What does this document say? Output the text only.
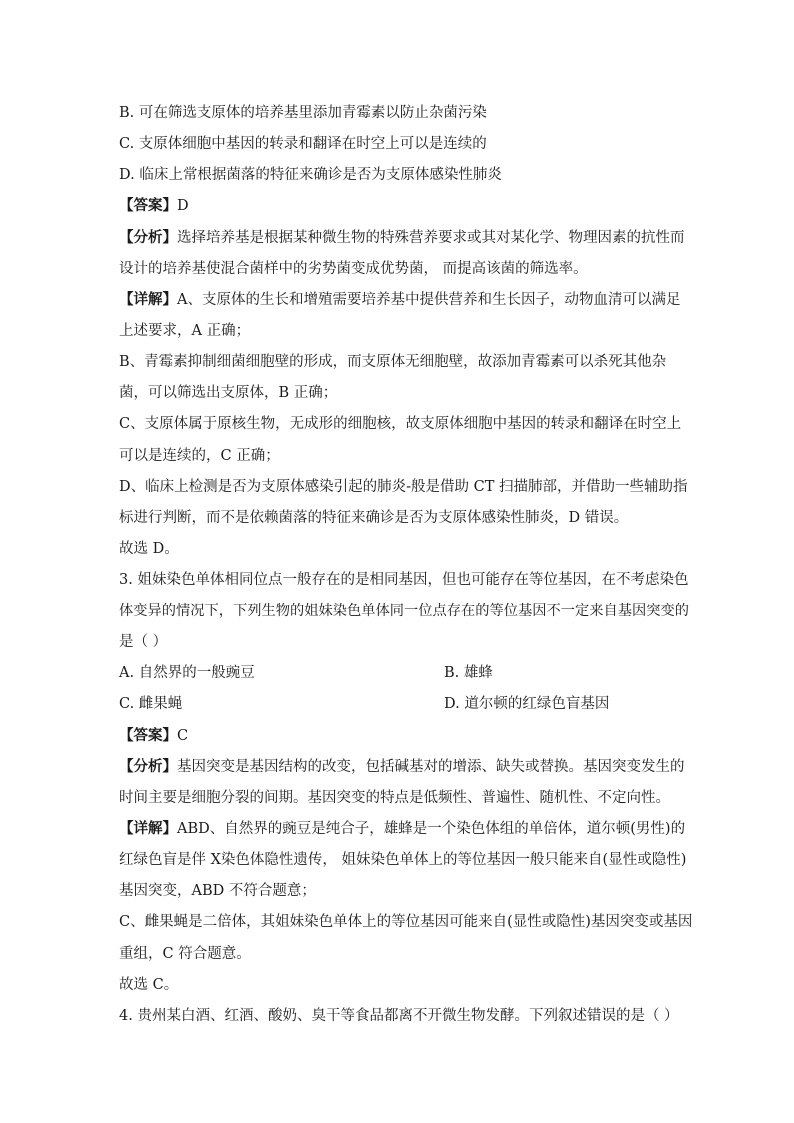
B. 可在筛选支原体的培养基里添加青霉素以防止杂菌污染
C. 支原体细胞中基因的转录和翻译在时空上可以是连续的
D. 临床上常根据菌落的特征来确诊是否为支原体感染性肺炎
【答案】D
【分析】选择培养基是根据某种微生物的特殊营养要求或其对某化学、物理因素的抗性而
设计的培养基使混合菌样中的劣势菌变成优势菌， 而提高该菌的筛选率。
【详解】A、支原体的生长和增殖需要培养基中提供营养和生长因子，动物血清可以满足
上述要求，A 正确；
B、青霉素抑制细菌细胞壁的形成，而支原体无细胞壁，故添加青霉素可以杀死其他杂
菌，可以筛选出支原体，B 正确；
C、支原体属于原核生物，无成形的细胞核，故支原体细胞中基因的转录和翻译在时空上
可以是连续的，C 正确；
D、临床上检测是否为支原体感染引起的肺炎-般是借助 CT 扫描肺部，并借助一些辅助指
标进行判断，而不是依赖菌落的特征来确诊是否为支原体感染性肺炎，D 错误。
故选 D。
3. 姐妹染色单体相同位点一般存在的是相同基因，但也可能存在等位基因，在不考虑染色
体变异的情况下，下列生物的姐妹染色单体同一位点存在的等位基因不一定来自基因突变的
是（ ）
A. 自然界的一般豌豆	B. 雄蜂
C. 雌果蝇	D. 道尔顿的红绿色盲基因
【答案】C
【分析】基因突变是基因结构的改变，包括碱基对的增添、缺失或替换。基因突变发生的
时间主要是细胞分裂的间期。基因突变的特点是低频性、普遍性、随机性、不定向性。
【详解】ABD、自然界的豌豆是纯合子，雄蜂是一个染色体组的单倍体，道尔顿(男性)的
红绿色盲是伴 X染色体隐性遗传， 姐妹染色单体上的等位基因一般只能来自(显性或隐性)
基因突变，ABD 不符合题意；
C、雌果蝇是二倍体，其姐妹染色单体上的等位基因可能来自(显性或隐性)基因突变或基因
重组，C 符合题意。
故选 C。
4. 贵州某白酒、红酒、酸奶、臭干等食品都离不开微生物发酵。下列叙述错误的是（ ）
